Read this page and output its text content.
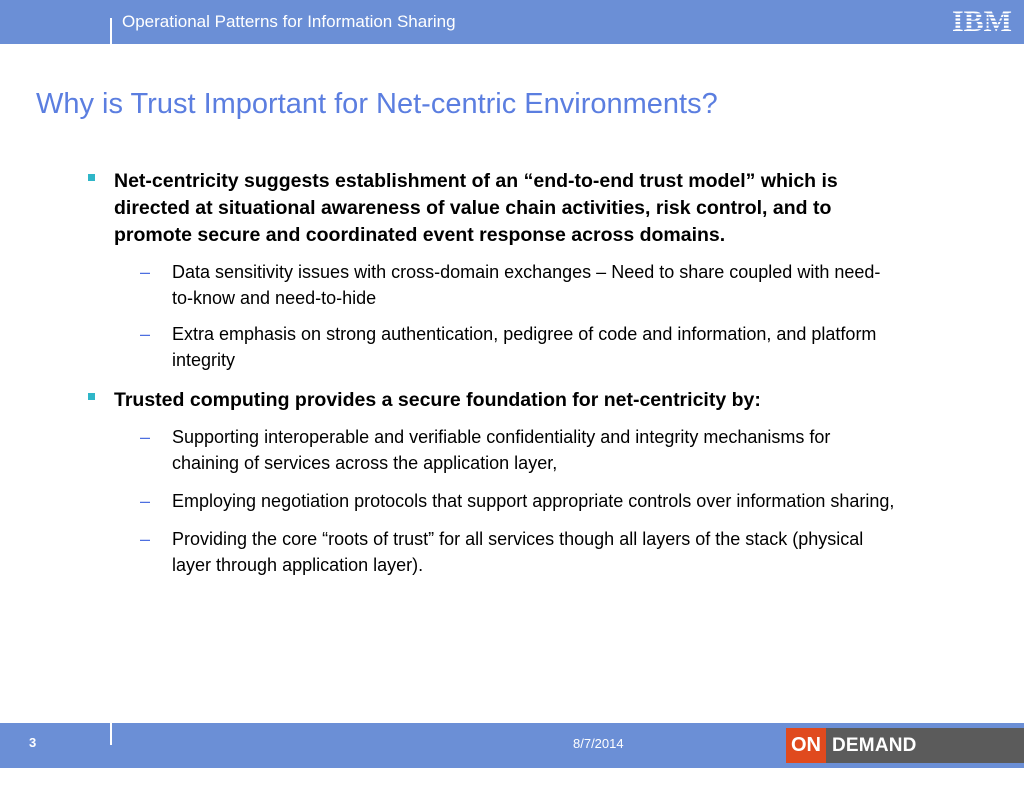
Operational Patterns for Information Sharing	IBM
Why is Trust Important for Net-centric Environments?
Net-centricity suggests establishment of an “end-to-end trust model” which is directed at situational awareness of value chain activities, risk control, and to promote secure and coordinated event response across domains.
– Data sensitivity issues with cross-domain exchanges – Need to share coupled with need-to-know and need-to-hide
– Extra emphasis on strong authentication, pedigree of code and information, and platform integrity
Trusted computing provides a secure foundation for net-centricity by:
– Supporting interoperable and verifiable confidentiality and integrity mechanisms for chaining of services across the application layer,
– Employing negotiation protocols that support appropriate controls over information sharing,
– Providing the core “roots of trust” for all services though all layers of the stack (physical layer through application layer).
3	8/7/2014	ON DEMAND BUSINESS™
